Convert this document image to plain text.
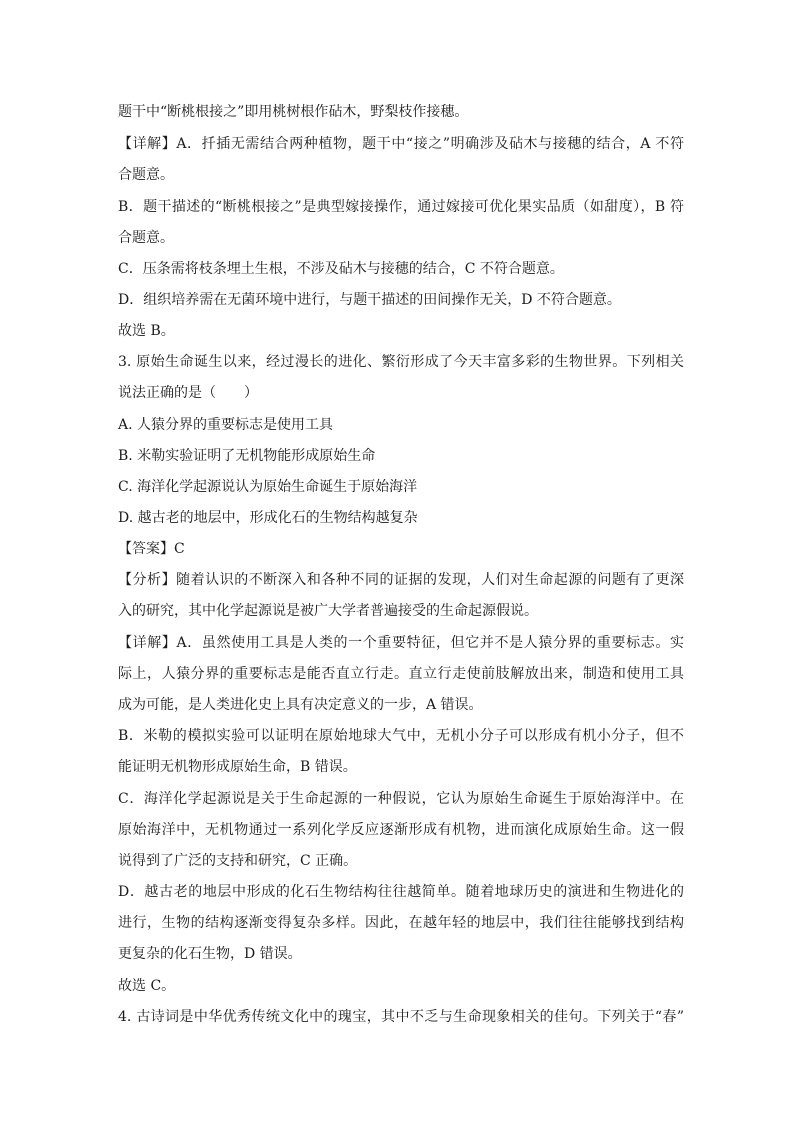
题干中“断桃根接之”即用桃树根作砧木，野梨枝作接穗。
【详解】A．扦插无需结合两种植物，题干中“接之”明确涉及砧木与接穗的结合，A 不符
合题意。
B．题干描述的“断桃根接之”是典型嫁接操作，通过嫁接可优化果实品质（如甜度），B 符
合题意。
C．压条需将枝条埋土生根，不涉及砧木与接穗的结合，C 不符合题意。
D．组织培养需在无菌环境中进行，与题干描述的田间操作无关，D 不符合题意。
故选 B。
3. 原始生命诞生以来，经过漫长的进化、繁衍形成了今天丰富多彩的生物世界。下列相关
说法正确的是（　　）
A. 人猿分界的重要标志是使用工具
B. 米勒实验证明了无机物能形成原始生命
C. 海洋化学起源说认为原始生命诞生于原始海洋
D. 越古老的地层中，形成化石的生物结构越复杂
【答案】C
【分析】随着认识的不断深入和各种不同的证据的发现，人们对生命起源的问题有了更深
入的研究，其中化学起源说是被广大学者普遍接受的生命起源假说。
【详解】A．虽然使用工具是人类的一个重要特征，但它并不是人猿分界的重要标志。实
际上，人猿分界的重要标志是能否直立行走。直立行走使前肢解放出来，制造和使用工具
成为可能，是人类进化史上具有决定意义的一步，A 错误。
B．米勒的模拟实验可以证明在原始地球大气中，无机小分子可以形成有机小分子，但不
能证明无机物形成原始生命，B 错误。
C．海洋化学起源说是关于生命起源的一种假说，它认为原始生命诞生于原始海洋中。在
原始海洋中，无机物通过一系列化学反应逐渐形成有机物，进而演化成原始生命。这一假
说得到了广泛的支持和研究，C 正确。
D．越古老的地层中形成的化石生物结构往往越简单。随着地球历史的演进和生物进化的
进行，生物的结构逐渐变得复杂多样。因此，在越年轻的地层中，我们往往能够找到结构
更复杂的化石生物，D 错误。
故选 C。
4. 古诗词是中华优秀传统文化中的瑰宝，其中不乏与生命现象相关的佳句。下列关于“春”
